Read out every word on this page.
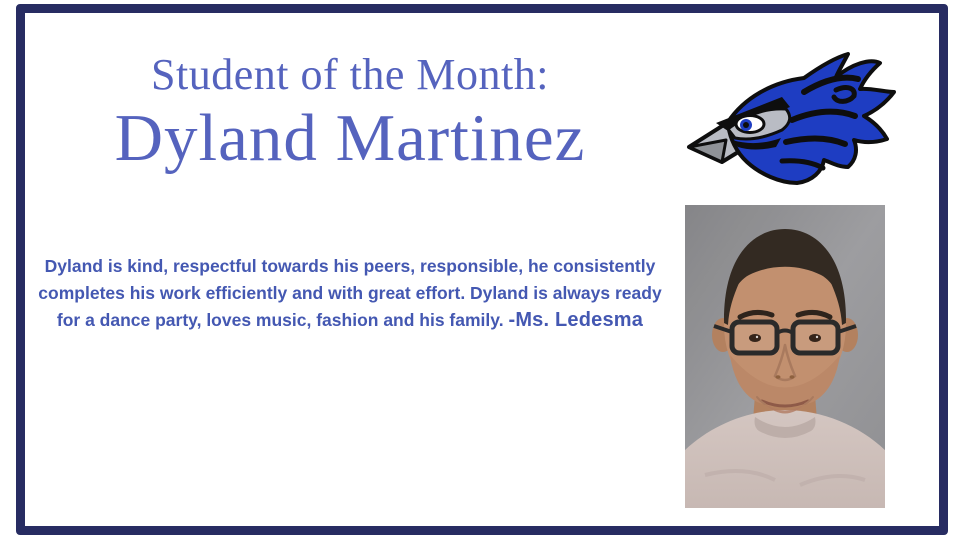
Student of the Month:
Dyland Martinez

Dyland is kind, respectful towards his peers, responsible, he consistently completes his work efficiently and with great effort. Dyland is always ready for a dance party, loves music, fashion and his family. -Ms. Ledesma
